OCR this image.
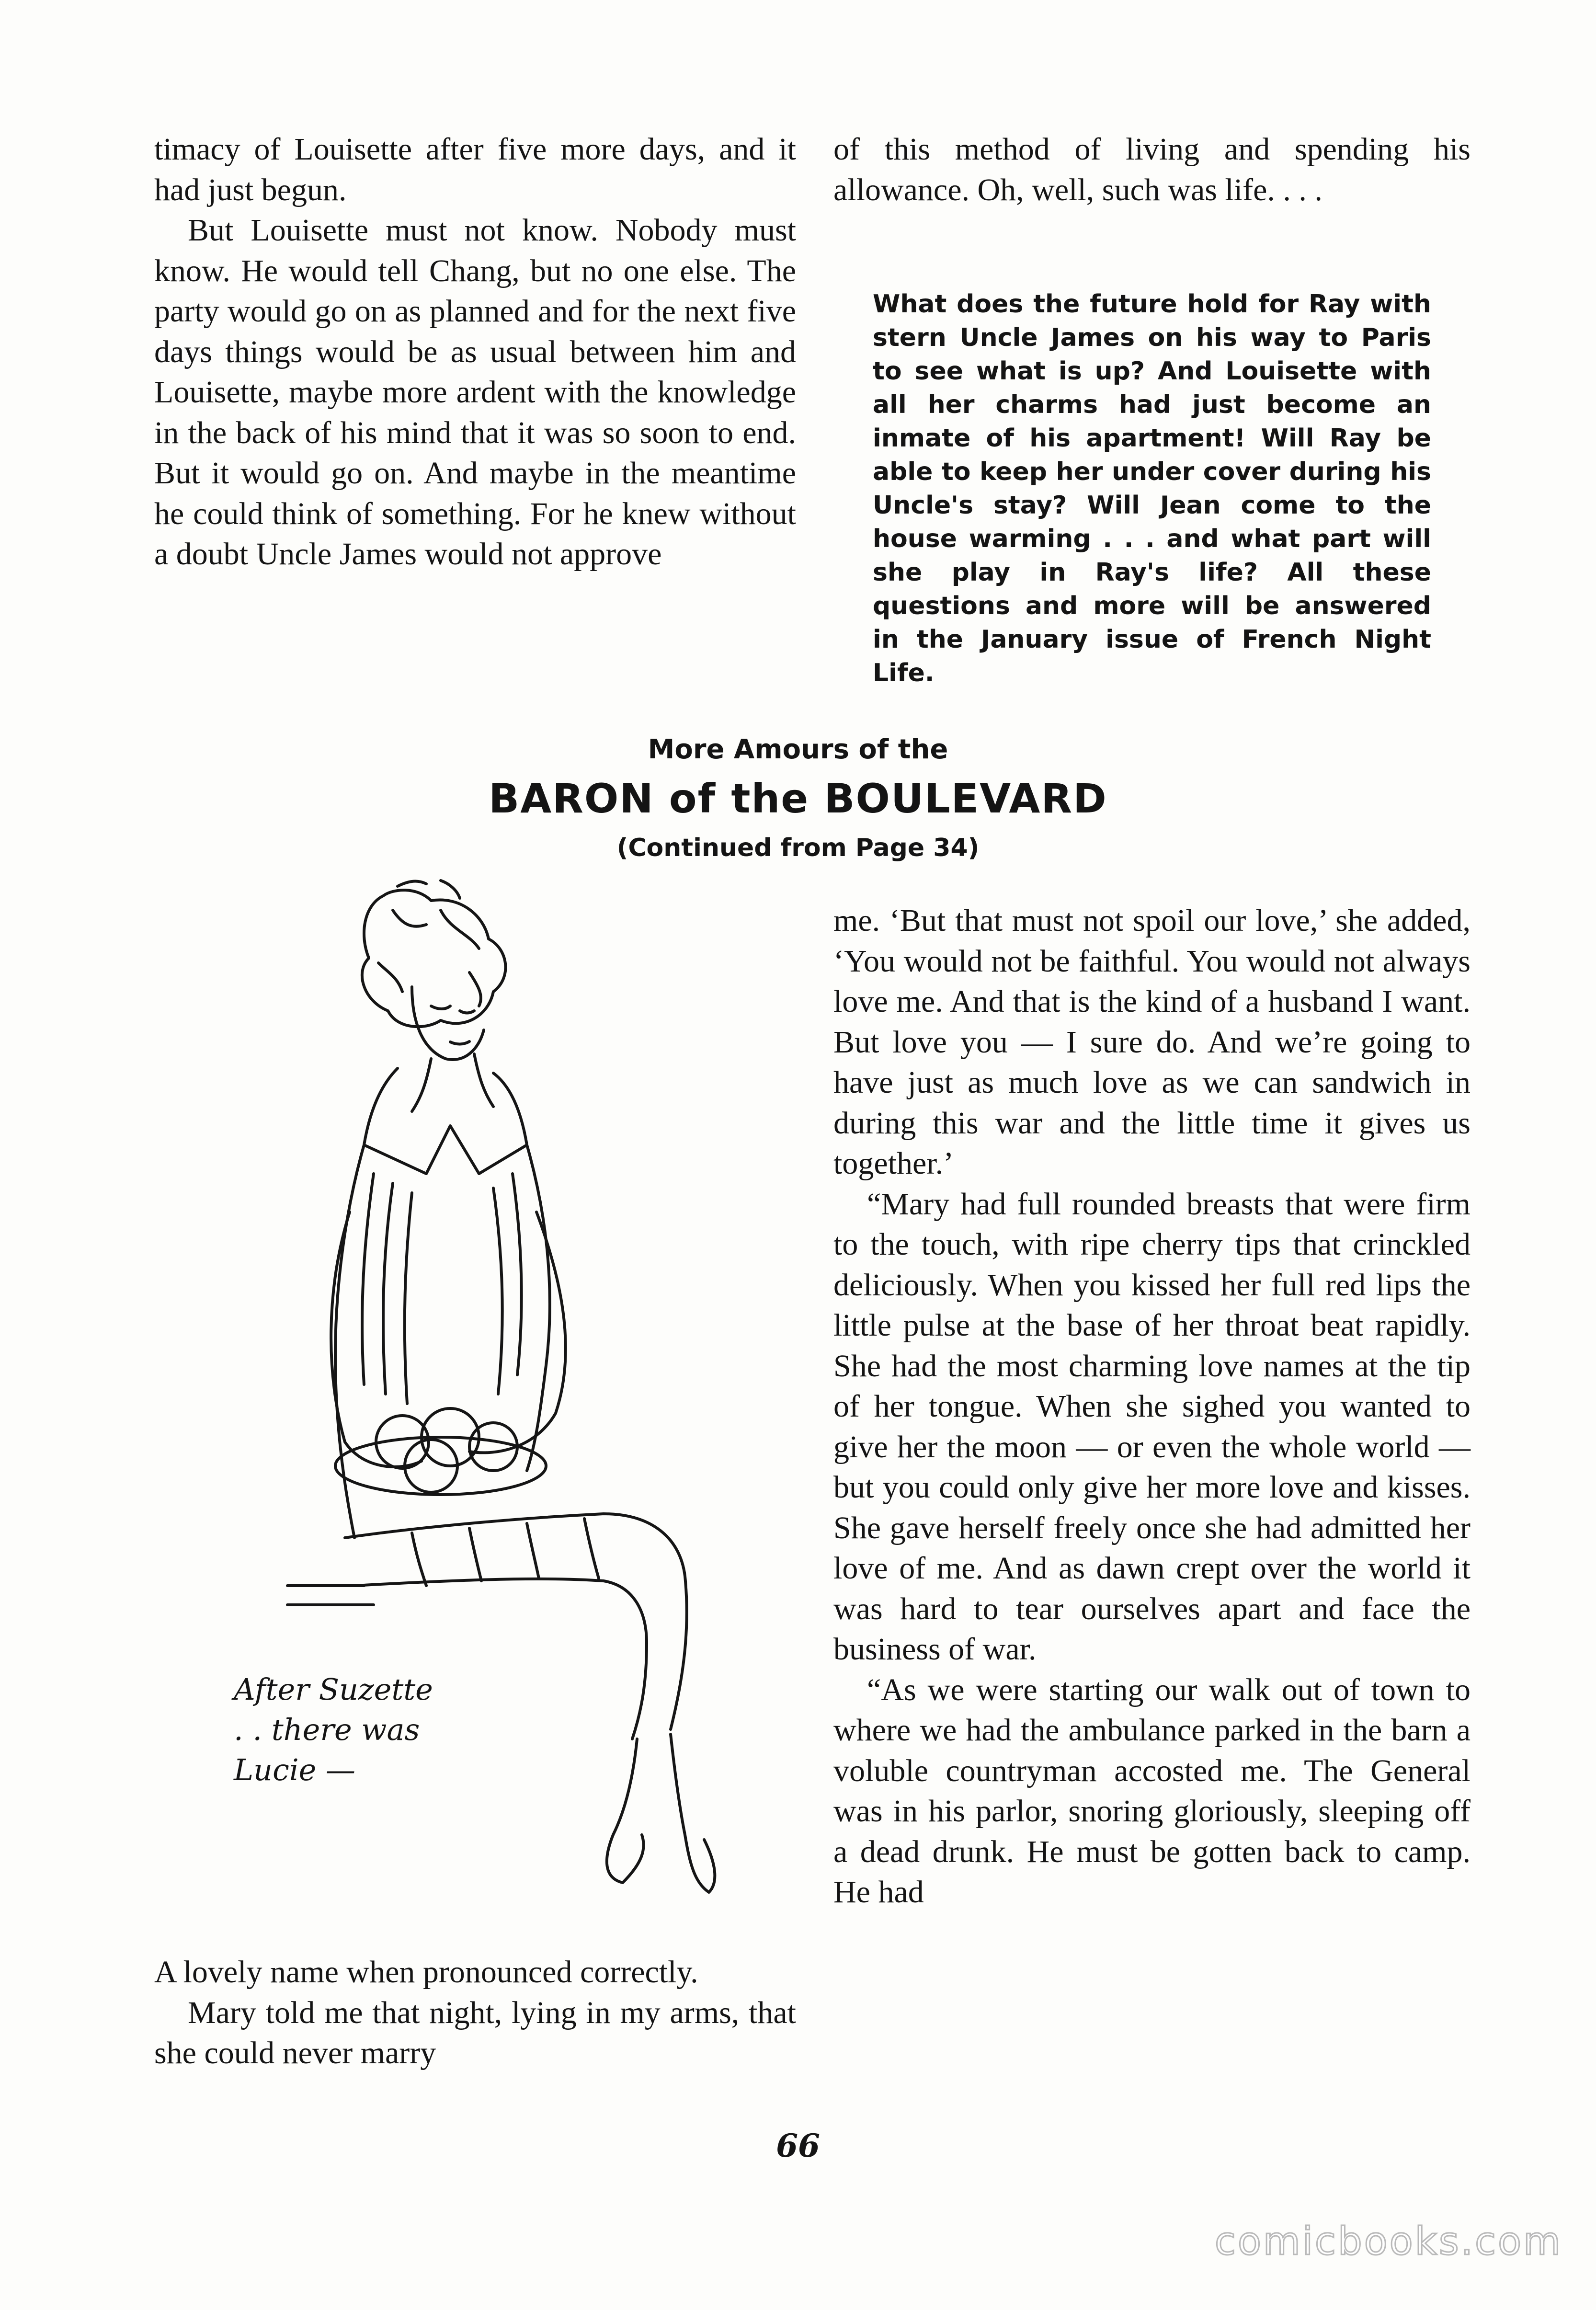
timacy of Louisette after five more days, and it had just begun.

But Louisette must not know. Nobody must know. He would tell Chang, but no one else. The party would go on as planned and for the next five days things would be as usual between him and Louisette, maybe more ardent with the knowledge in the back of his mind that it was so soon to end. But it would go on. And maybe in the meantime he could think of something. For he knew without a doubt Uncle James would not approve

of this method of living and spending his allowance. Oh, well, such was life. . . .

What does the future hold for Ray with stern Uncle James on his way to Paris to see what is up? And Louisette with all her charms had just become an inmate of his apartment! Will Ray be able to keep her under cover during his Uncle's stay? Will Jean come to the house warming . . . and what part will she play in Ray's life? All these questions and more will be answered in the January issue of French Night Life.
More Amours of the
BARON of the BOULEVARD
(Continued from Page 34)
After Suzette
. . there was
Lucie —

me. ‘But that must not spoil our love,’ she added, ‘You would not be faithful. You would not always love me. And that is the kind of a husband I want. But love you — I sure do. And we’re going to have just as much love as we can sandwich in during this war and the little time it gives us together.’

“Mary had full rounded breasts that were firm to the touch, with ripe cherry tips that crinckled deliciously. When you kissed her full red lips the little pulse at the base of her throat beat rapidly. She had the most charming love names at the tip of her tongue. When she sighed you wanted to give her the moon — or even the whole world — but you could only give her more love and kisses. She gave herself freely once she had admitted her love of me. And as dawn crept over the world it was hard to tear ourselves apart and face the business of war.

“As we were starting our walk out of town to where we had the ambulance parked in the barn a voluble countryman accosted me. The General was in his parlor, snoring gloriously, sleeping off a dead drunk. He must be gotten back to camp. He had

A lovely name when pronounced correctly.

Mary told me that night, lying in my arms, that she could never marry

66
comicbooks.com
